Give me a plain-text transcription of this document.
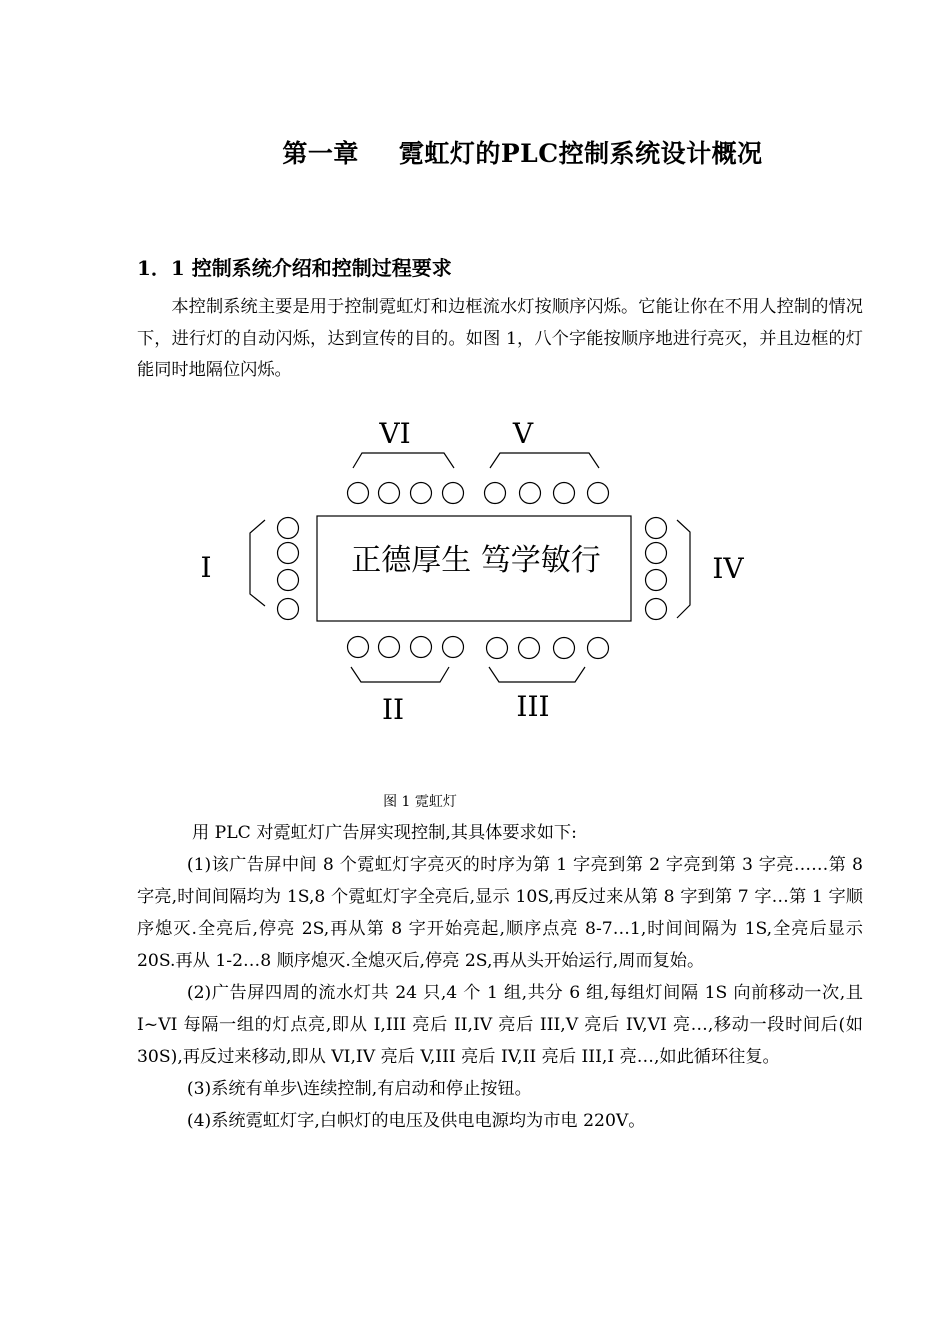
第一章 霓虹灯的PLC控制系统设计概况
1．1 控制系统介绍和控制过程要求
本控制系统主要是用于控制霓虹灯和边框流水灯按顺序闪烁。它能让你在不用人控制的情况下，进行灯的自动闪烁，达到宣传的目的。如图 1，八个字能按顺序地进行亮灭，并且边框的灯能同时地隔位闪烁。
正德厚生 笃学敏行
VI	V
I	IV
II	III
图 1 霓虹灯
用 PLC 对霓虹灯广告屏实现控制,其具体要求如下:

(1)该广告屏中间 8 个霓虹灯字亮灭的时序为第 1 字亮到第 2 字亮到第 3 字亮……第 8 字亮,时间间隔均为 1S,8 个霓虹灯字全亮后,显示 10S,再反过来从第 8 字到第 7 字…第 1 字顺序熄灭.全亮后,停亮 2S,再从第 8 字开始亮起,顺序点亮 8-7…1,时间间隔为 1S,全亮后显示 20S.再从 1-2…8 顺序熄灭.全熄灭后,停亮 2S,再从头开始运行,周而复始。

(2)广告屏四周的流水灯共 24 只,4 个 1 组,共分 6 组,每组灯间隔 1S 向前移动一次,且 I~VI 每隔一组的灯点亮,即从 I,III 亮后 II,IV 亮后 III,V 亮后 IV,VI 亮…,移动一段时间后(如 30S),再反过来移动,即从 VI,IV 亮后 V,III 亮后 IV,II 亮后 III,I 亮…,如此循环往复。

(3)系统有单步\连续控制,有启动和停止按钮。

(4)系统霓虹灯字,白帜灯的电压及供电电源均为市电 220V。
